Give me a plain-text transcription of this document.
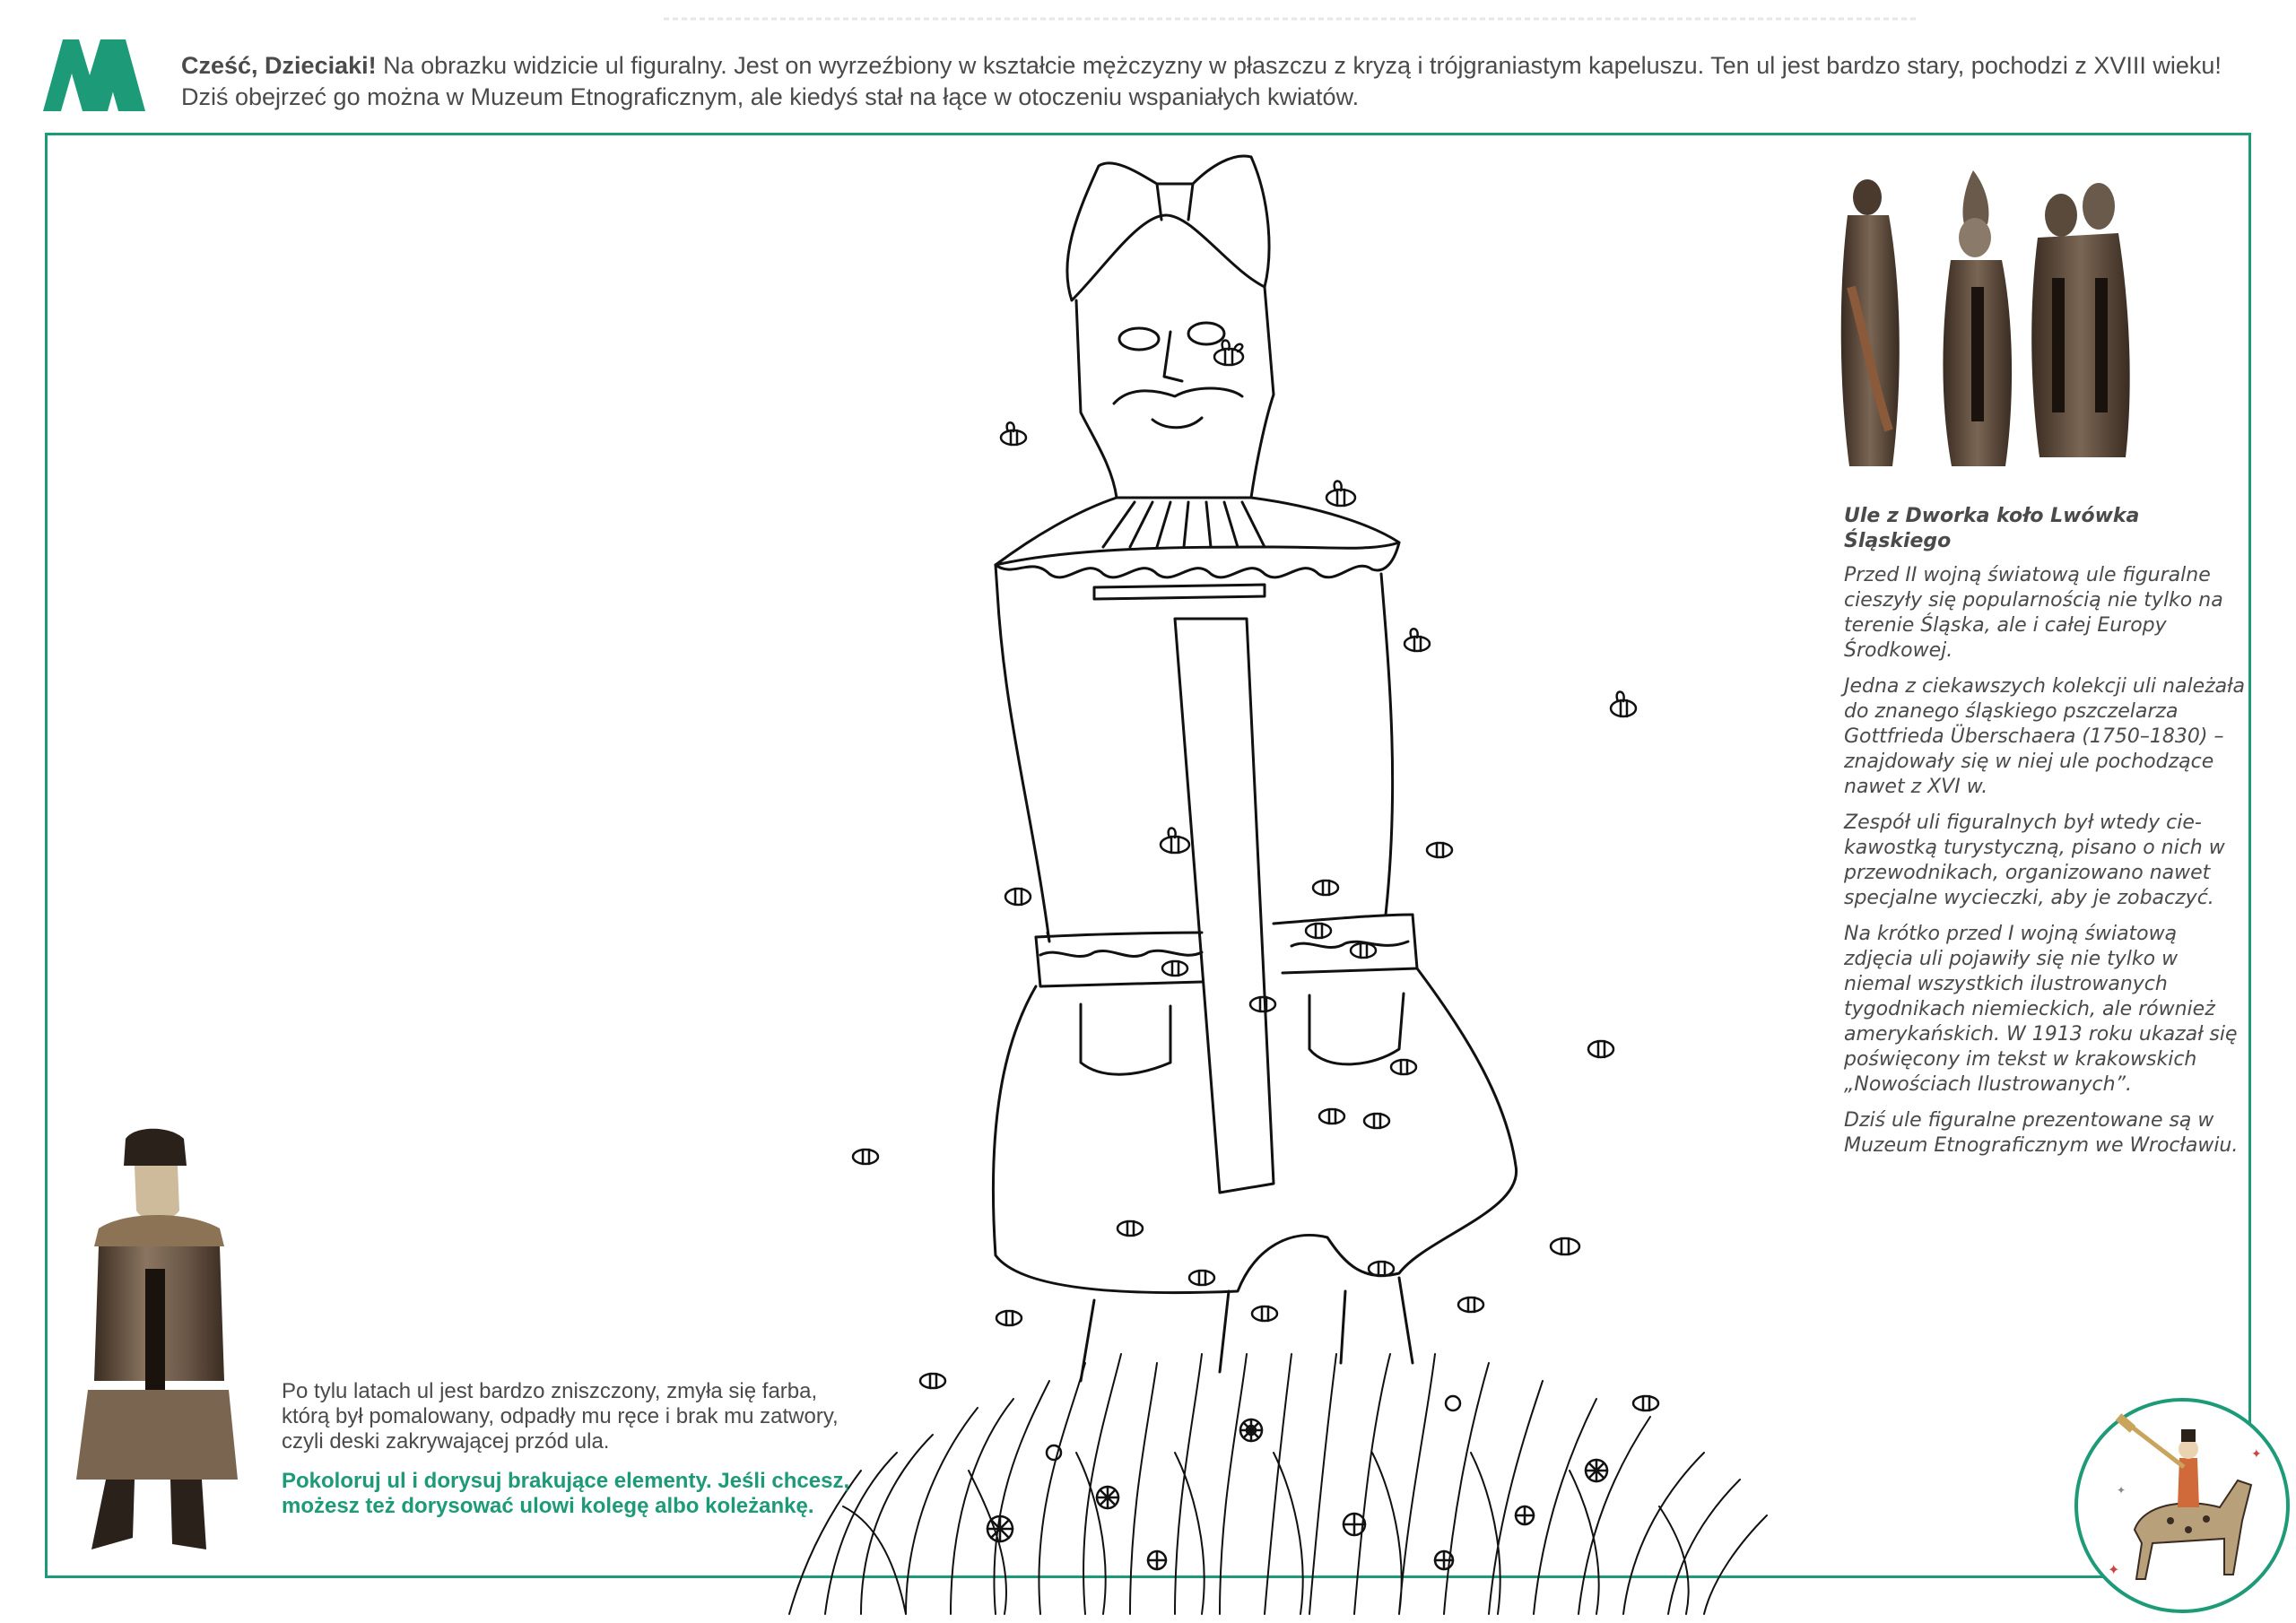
Cześć, Dzieciaki! Na obrazku widzicie ul figuralny. Jest on wyrzeźbiony w kształcie mężczyzny w płaszczu z kryzą i trójgraniastym kapeluszu. Ten ul jest bardzo stary, pochodzi z XVIII wieku! Dziś obejrzeć go można w Muzeum Etnograficznym, ale kiedyś stał na łące w otoczeniu wspaniałych kwiatów.

Ule z Dworka koło Lwówka Śląskiego

Przed II wojną światową ule figuralne cieszyły się popularnością nie tylko na terenie Śląska, ale i całej Europy Środkowej.

Jedna z ciekawszych kolekcji uli należała do znanego śląskiego pszczelarza Gottfrieda Überschaera (1750–1830) – znajdowały się w niej ule pochodzące nawet z XVI w.

Zespół uli figuralnych był wtedy cie-kawostką turystyczną, pisano o nich w przewodnikach, organizowano nawet specjalne wycieczki, aby je zobaczyć.

Na krótko przed I wojną światową zdjęcia uli pojawiły się nie tylko w niemal wszystkich ilustrowanych tygodnikach niemieckich, ale również amerykańskich. W 1913 roku ukazał się poświęcony im tekst w krakowskich „Nowościach Ilustrowanych”.

Dziś ule figuralne prezentowane są w Muzeum Etnograficznym we Wrocławiu.

Po tylu latach ul jest bardzo zniszczony, zmyła się farba, którą był pomalowany, odpadły mu ręce i brak mu zatwory, czyli deski zakrywającej przód ula.

Pokoloruj ul i dorysuj brakujące elementy. Jeśli chcesz, możesz też dorysować ulowi kolegę albo koleżankę.

✦
✦
✦
